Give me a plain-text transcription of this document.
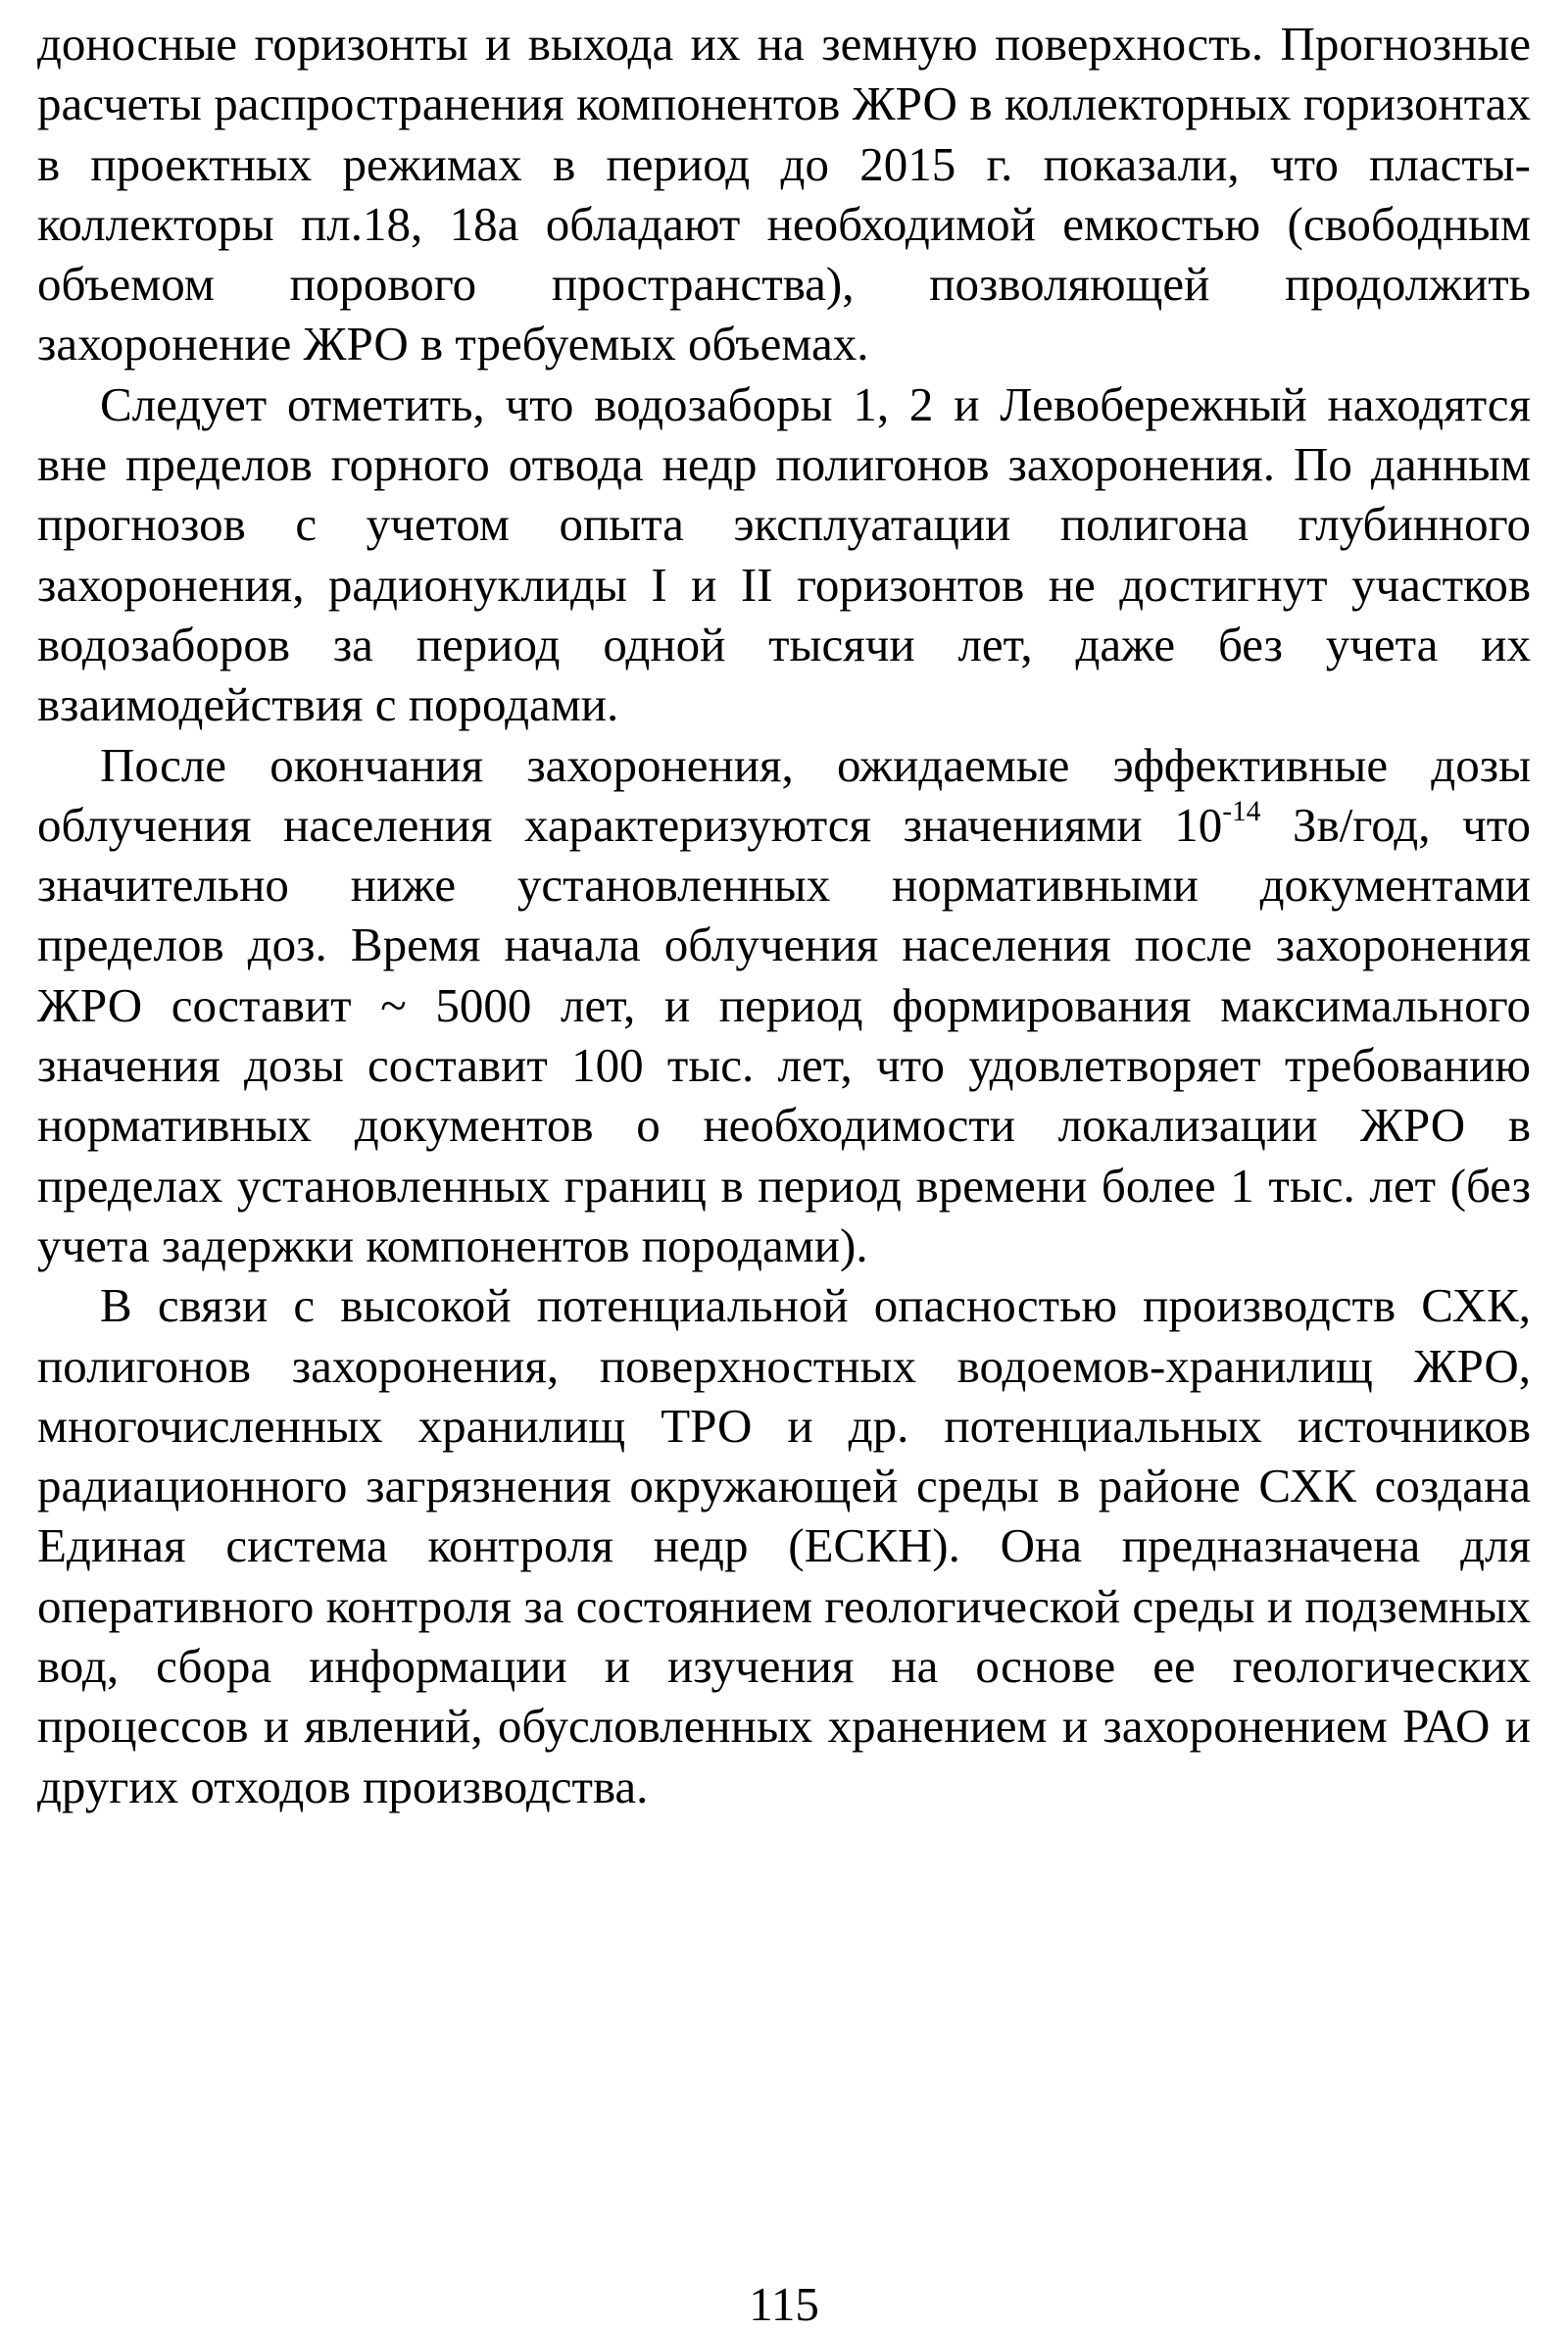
доносные горизонты и выхода их на земную поверхность. Прогнозные расчеты распространения компонентов ЖРО в коллекторных горизонтах в проектных режимах в период до 2015 г. показали, что пласты-коллекторы пл.18, 18а обладают необходимой емкостью (свободным объемом порового пространства), позволяющей продолжить захоронение ЖРО в требуемых объемах.

Следует отметить, что водозаборы 1, 2 и Левобережный находятся вне пределов горного отвода недр полигонов захоронения. По данным прогнозов с учетом опыта эксплуатации полигона глубинного захоронения, радионуклиды I и II горизонтов не достигнут участков водозаборов за период одной тысячи лет, даже без учета их взаимодействия с породами.

После окончания захоронения, ожидаемые эффективные дозы облучения населения характеризуются значениями $10^{-14}$ Зв/год, что значительно ниже установленных нормативными документами пределов доз. Время начала облучения населения после захоронения ЖРО составит ~ 5000 лет, и период формирования максимального значения дозы составит 100 тыс. лет, что удовлетворяет требованию нормативных документов о необходимости локализации ЖРО в пределах установленных границ в период времени более 1 тыс. лет (без учета задержки компонентов породами).

В связи с высокой потенциальной опасностью производств СХК, полигонов захоронения, поверхностных водоемов-хранилищ ЖРО, многочисленных хранилищ ТРО и др. потенциальных источников радиационного загрязнения окружающей среды в районе СХК создана Единая система контроля недр (ЕСКН). Она предназначена для оперативного контроля за состоянием геологической среды и подземных вод, сбора информации и изучения на основе ее геологических процессов и явлений, обусловленных хранением и захоронением РАО и других отходов производства.

115
